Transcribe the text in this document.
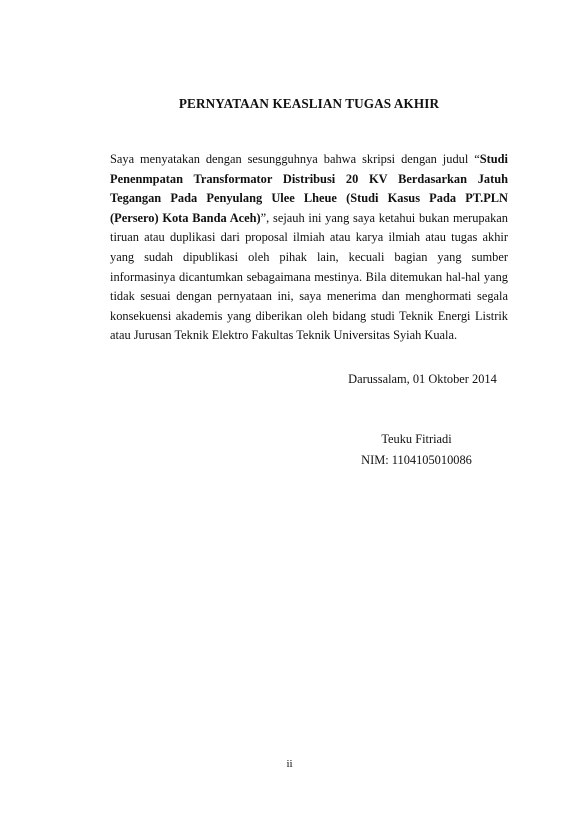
PERNYATAAN KEASLIAN TUGAS AKHIR

Saya menyatakan dengan sesungguhnya bahwa skripsi dengan judul “Studi Penenmpatan Transformator Distribusi 20 KV Berdasarkan Jatuh Tegangan Pada Penyulang Ulee Lheue (Studi Kasus Pada PT.PLN (Persero) Kota Banda Aceh)”, sejauh ini yang saya ketahui bukan merupakan tiruan atau duplikasi dari proposal ilmiah atau karya ilmiah atau tugas akhir yang sudah dipublikasi oleh pihak lain, kecuali bagian yang sumber informasinya dicantumkan sebagaimana mestinya. Bila ditemukan hal-hal yang tidak sesuai dengan pernyataan ini, saya menerima dan menghormati segala konsekuensi akademis yang diberikan oleh bidang studi Teknik Energi Listrik atau Jurusan Teknik Elektro Fakultas Teknik Universitas Syiah Kuala.

Darussalam, 01 Oktober 2014
Teuku Fitriadi
NIM: 1104105010086
ii
